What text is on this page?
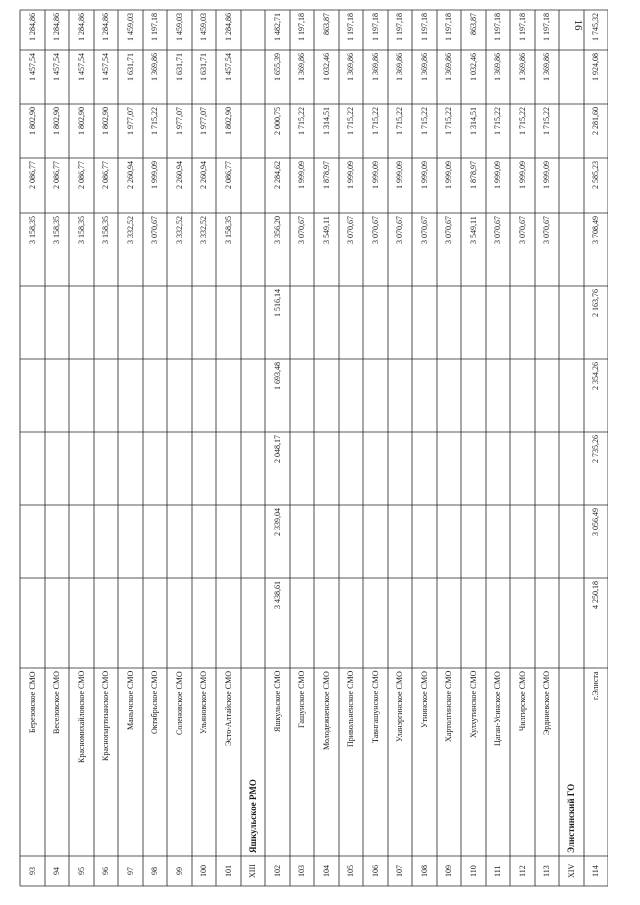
16
93
Березовское СМО
3 158,35
2 086,77
1 802,90
1 457,54
1 284,86
94
Веселовское СМО
3 158,35
2 086,77
1 802,90
1 457,54
1 284,86
95
Красномихайловское СМО
3 158,35
2 086,77
1 802,90
1 457,54
1 284,86
96
Краснопартизанское СМО
3 158,35
2 086,77
1 802,90
1 457,54
1 284,86
97
Манычское СМО
3 332,52
2 260,94
1 977,07
1 631,71
1 459,03
98
Октябрьское СМО
3 070,67
1 999,09
1 715,22
1 369,86
1 197,18
99
Соленовское СМО
3 332,52
2 260,94
1 977,07
1 631,71
1 459,03
100
Ульяновское СМО
3 332,52
2 260,94
1 977,07
1 631,71
1 459,03
101
Эсто-Алтайское СМО
3 158,35
2 086,77
1 802,90
1 457,54
1 284,86
XIII
Яшкульское РМО
102
Яшкульское СМО
3 438,61
2 339,04
2 048,17
1 693,48
1 516,14
3 356,20
2 284,62
2 000,75
1 655,39
1 482,71
103
Гашунское СМО
3 070,67
1 999,09
1 715,22
1 369,86
1 197,18
104
Молодежненское СМО
3 549,11
1 878,97
1 314,51
1 032,46
863,87
105
Привольненское СМО
3 070,67
1 999,09
1 715,22
1 369,86
1 197,18
106
Тавнгашунское СМО
3 070,67
1 999,09
1 715,22
1 369,86
1 197,18
107
Уланэргинское СМО
3 070,67
1 999,09
1 715,22
1 369,86
1 197,18
108
Утнинское СМО
3 070,67
1 999,09
1 715,22
1 369,86
1 197,18
109
Хартолгинское СМО
3 070,67
1 999,09
1 715,22
1 369,86
1 197,18
110
Хулхутинское СМО
3 549,11
1 878,97
1 314,51
1 032,46
863,87
111
Цаган-Усинское СМО
3 070,67
1 999,09
1 715,22
1 369,86
1 197,18
112
Чилгирское СМО
3 070,67
1 999,09
1 715,22
1 369,86
1 197,18
113
Эрдниевское СМО
3 070,67
1 999,09
1 715,22
1 369,86
1 197,18
XIV
Элистинский ГО
114
г.Элиста
4 250,18
3 056,49
2 735,26
2 354,26
2 163,76
3 708,49
2 585,23
2 281,60
1 924,08
1 745,32
